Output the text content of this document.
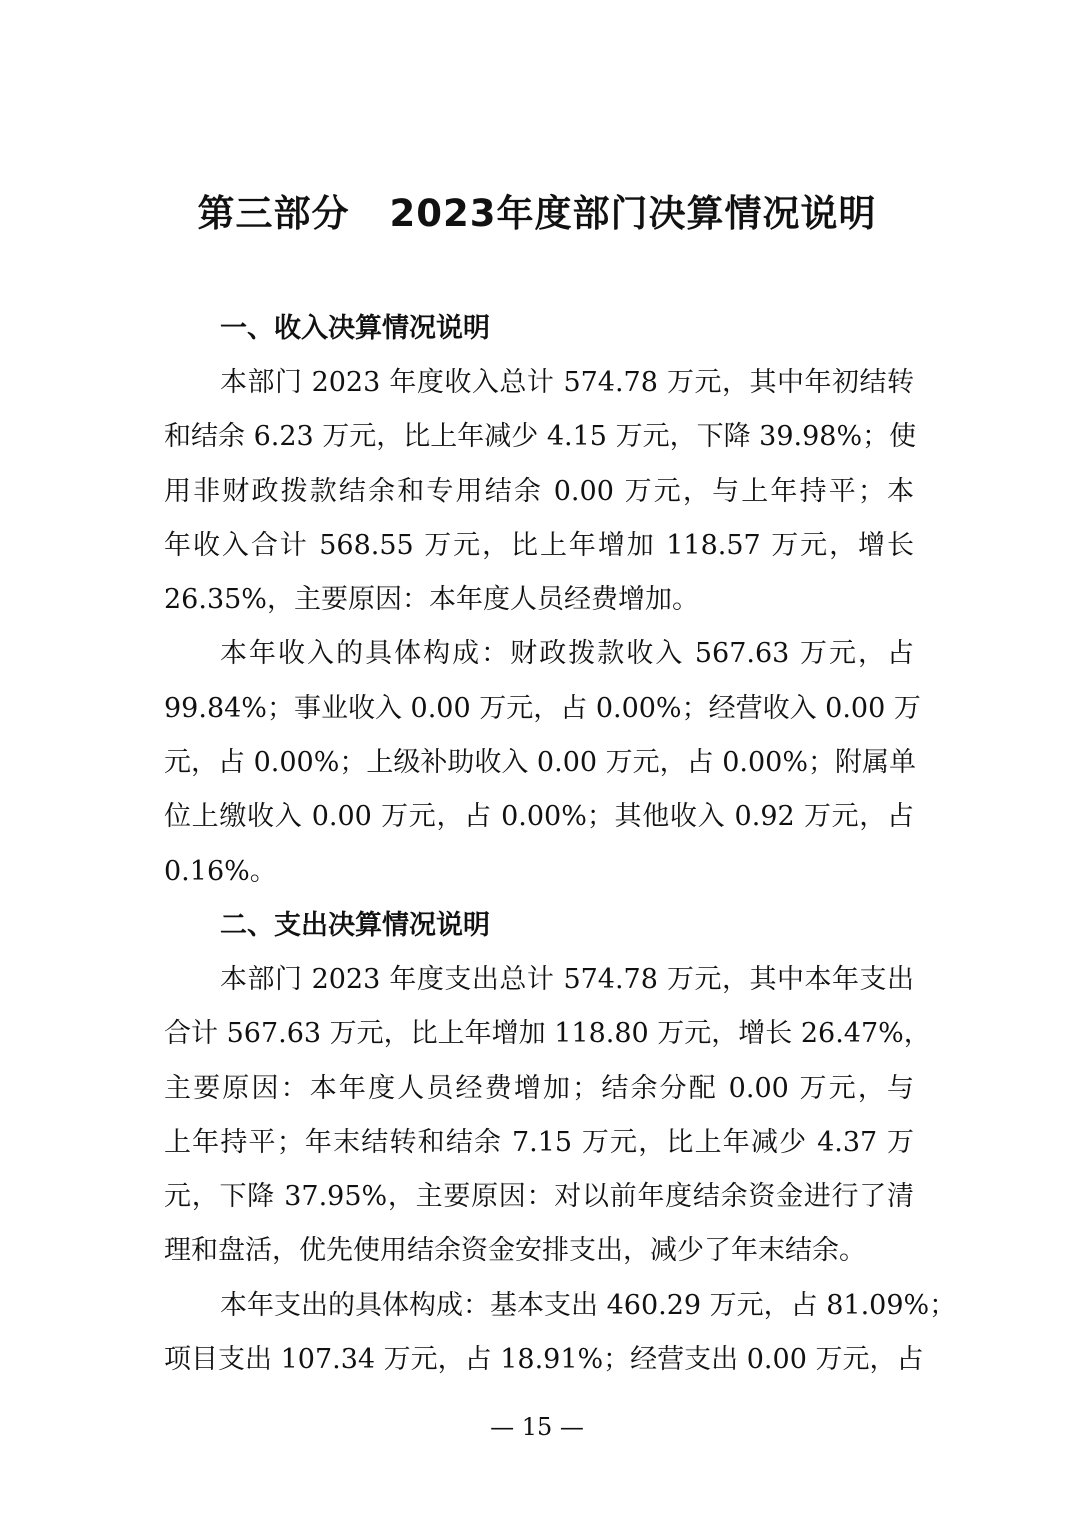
第三部分 2023年度部门决算情况说明
一、收入决算情况说明

本部门 2023 年度收入总计 574.78 万元，其中年初结转
和结余 6.23 万元，比上年减少 4.15 万元，下降 39.98%；使
用非财政拨款结余和专用结余 0.00 万元，与上年持平；本
年收入合计 568.55 万元，比上年增加 118.57 万元，增长
26.35%，主要原因：本年度人员经费增加。

本年收入的具体构成：财政拨款收入 567.63 万元，占
99.84%；事业收入 0.00 万元，占 0.00%；经营收入 0.00 万
元，占 0.00%；上级补助收入 0.00 万元，占 0.00%；附属单
位上缴收入 0.00 万元，占 0.00%；其他收入 0.92 万元，占
0.16%。

二、支出决算情况说明

本部门 2023 年度支出总计 574.78 万元，其中本年支出
合计 567.63 万元，比上年增加 118.80 万元，增长 26.47%，
主要原因：本年度人员经费增加；结余分配 0.00 万元，与
上年持平；年末结转和结余 7.15 万元，比上年减少 4.37 万
元，下降 37.95%，主要原因：对以前年度结余资金进行了清
理和盘活，优先使用结余资金安排支出，减少了年末结余。

本年支出的具体构成：基本支出 460.29 万元，占 81.09%；
项目支出 107.34 万元，占 18.91%；经营支出 0.00 万元，占

— 15 —
